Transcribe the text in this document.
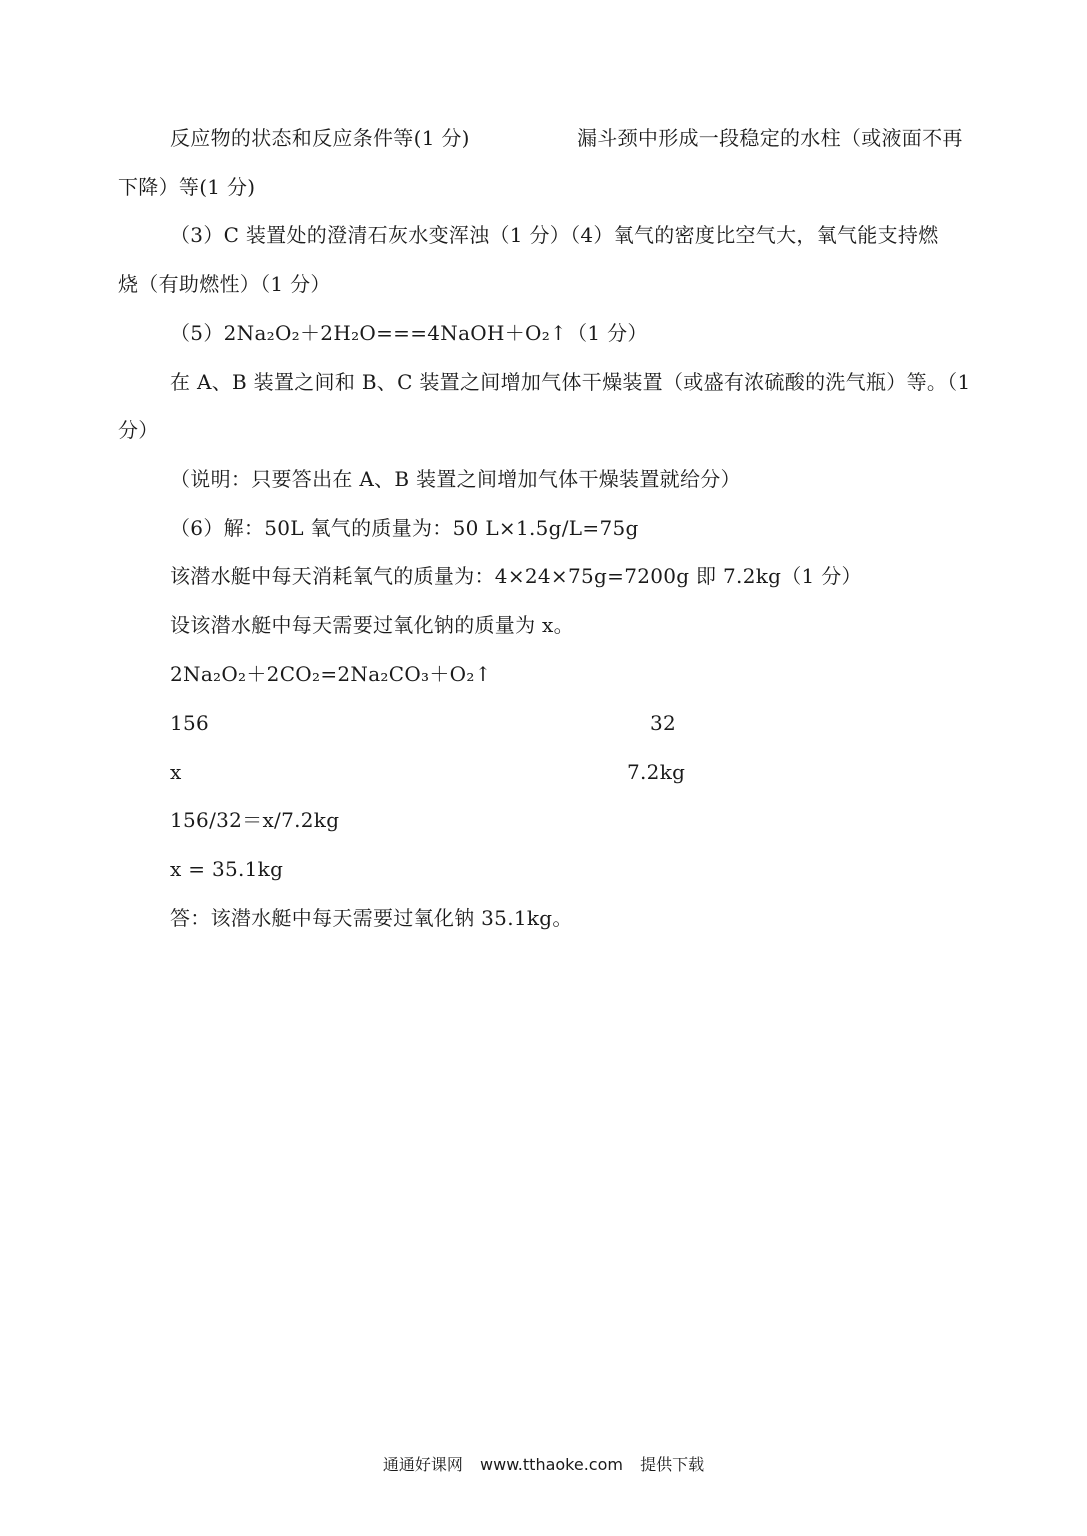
反应物的状态和反应条件等(1 分)	漏斗颈中形成一段稳定的水柱（或液面不再
下降）等(1 分)
（3）C 装置处的澄清石灰水变浑浊（1 分）（4）氧气的密度比空气大，氧气能支持燃
烧（有助燃性）（1 分）
（5）2Na₂O₂＋2H₂O===4NaOH＋O₂↑（1 分）
在 A、B 装置之间和 B、C 装置之间增加气体干燥装置（或盛有浓硫酸的洗气瓶）等。（1
分）
（说明：只要答出在 A、B 装置之间增加气体干燥装置就给分）
（6）解：50L 氧气的质量为：50 L×1.5g/L=75g
该潜水艇中每天消耗氧气的质量为：4×24×75g=7200g 即 7.2kg（1 分）
设该潜水艇中每天需要过氧化钠的质量为 x。
2Na₂O₂＋2CO₂=2Na₂CO₃＋O₂↑
156	32
x	7.2kg
156/32＝x/7.2kg
x = 35.1kg
答：该潜水艇中每天需要过氧化钠 35.1kg。
通通好课网 www.tthaoke.com 提供下载
